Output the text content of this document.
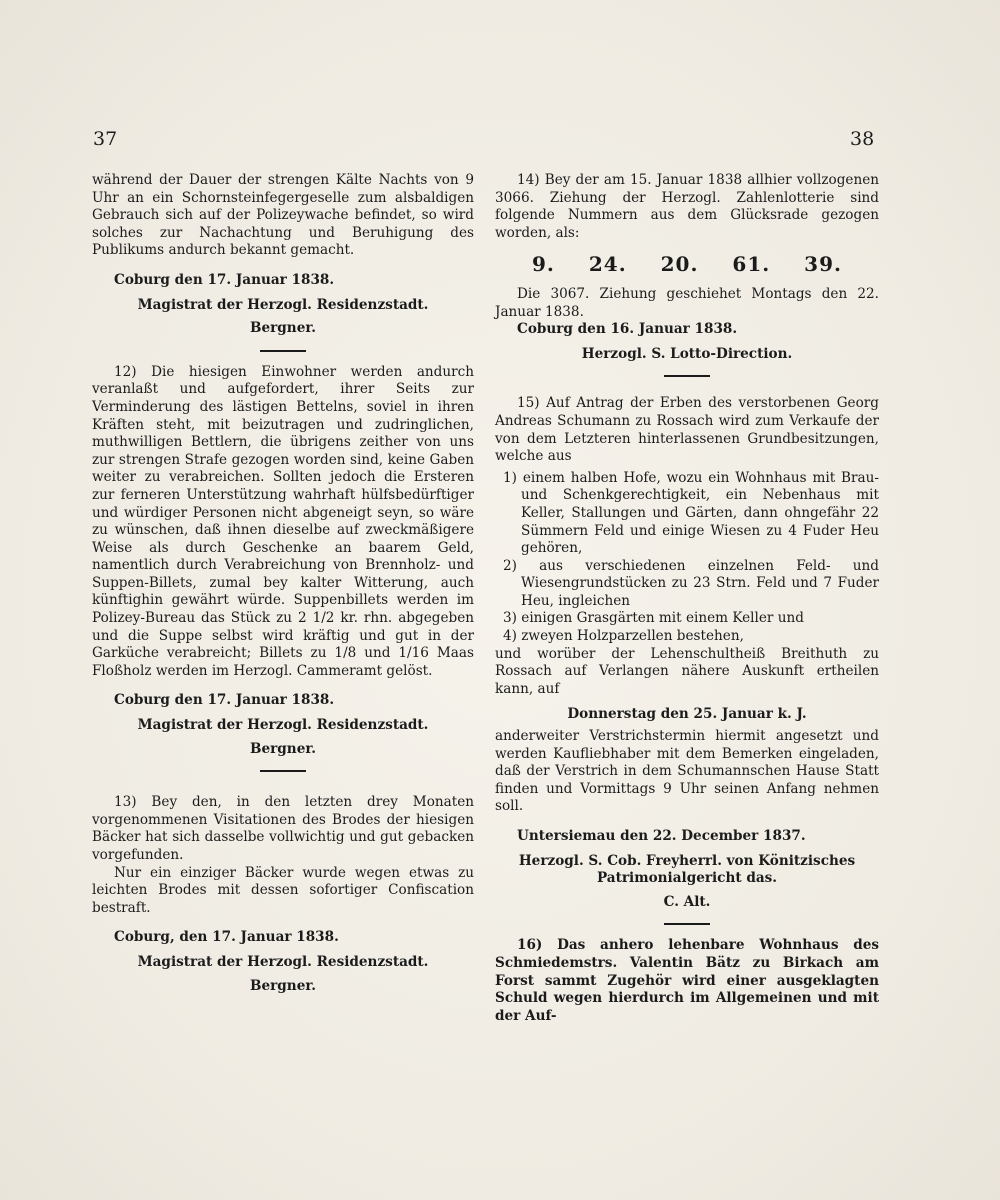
37	38

während der Dauer der strengen Kälte Nachts von 9 Uhr an ein Schornsteinfegergeselle zum alsbaldigen Gebrauch sich auf der Polizeywache befindet, so wird solches zur Nachachtung und Beruhigung des Publikums andurch bekannt gemacht.

Coburg den 17. Januar 1838.

Magistrat der Herzogl. Residenzstadt.

Bergner.

12) Die hiesigen Einwohner werden andurch veranlaßt und aufgefordert, ihrer Seits zur Verminderung des lästigen Bettelns, soviel in ihren Kräften steht, mit beizutragen und zudringlichen, muthwilligen Bettlern, die übrigens zeither von uns zur strengen Strafe gezogen worden sind, keine Gaben weiter zu verabreichen. Sollten jedoch die Ersteren zur ferneren Unterstützung wahrhaft hülfsbedürftiger und würdiger Personen nicht abgeneigt seyn, so wäre zu wünschen, daß ihnen dieselbe auf zweckmäßigere Weise als durch Geschenke an baarem Geld, namentlich durch Verabreichung von Brennholz- und Suppen-Billets, zumal bey kalter Witterung, auch künftighin gewährt würde. Suppenbillets werden im Polizey-Bureau das Stück zu 2 1/2 kr. rhn. abgegeben und die Suppe selbst wird kräftig und gut in der Garküche verabreicht; Billets zu 1/8 und 1/16 Maas Floßholz werden im Herzogl. Cammeramt gelöst.

Coburg den 17. Januar 1838.

Magistrat der Herzogl. Residenzstadt.

Bergner.

13) Bey den, in den letzten drey Monaten vorgenommenen Visitationen des Brodes der hiesigen Bäcker hat sich dasselbe vollwichtig und gut gebacken vorgefunden.

Nur ein einziger Bäcker wurde wegen etwas zu leichten Brodes mit dessen sofortiger Confiscation bestraft.

Coburg, den 17. Januar 1838.

Magistrat der Herzogl. Residenzstadt.

Bergner.

14) Bey der am 15. Januar 1838 allhier vollzogenen 3066. Ziehung der Herzogl. Zahlenlotterie sind folgende Nummern aus dem Glücksrade gezogen worden, als:

9. 24. 20. 61. 39.

Die 3067. Ziehung geschiehet Montags den 22. Januar 1838.

Coburg den 16. Januar 1838.

Herzogl. S. Lotto-Direction.

15) Auf Antrag der Erben des verstorbenen Georg Andreas Schumann zu Rossach wird zum Verkaufe der von dem Letzteren hinterlassenen Grundbesitzungen, welche aus

1) einem halben Hofe, wozu ein Wohnhaus mit Brau- und Schenkgerechtigkeit, ein Nebenhaus mit Keller, Stallungen und Gärten, dann ohngefähr 22 Sümmern Feld und einige Wiesen zu 4 Fuder Heu gehören,
2) aus verschiedenen einzelnen Feld- und Wiesengrundstücken zu 23 Strn. Feld und 7 Fuder Heu, ingleichen
3) einigen Grasgärten mit einem Keller und
4) zweyen Holzparzellen bestehen,

und worüber der Lehenschultheiß Breithuth zu Rossach auf Verlangen nähere Auskunft ertheilen kann, auf

Donnerstag den 25. Januar k. J.

anderweiter Verstrichstermin hiermit angesetzt und werden Kaufliebhaber mit dem Bemerken eingeladen, daß der Verstrich in dem Schumannschen Hause Statt finden und Vormittags 9 Uhr seinen Anfang nehmen soll.

Untersiemau den 22. December 1837.

Herzogl. S. Cob. Freyherrl. von Könitzisches Patrimonialgericht das.

C. Alt.

16) Das anhero lehenbare Wohnhaus des Schmiedemstrs. Valentin Bätz zu Birkach am Forst sammt Zugehör wird einer ausgeklagten Schuld wegen hierdurch im Allgemeinen und mit der Auf-
